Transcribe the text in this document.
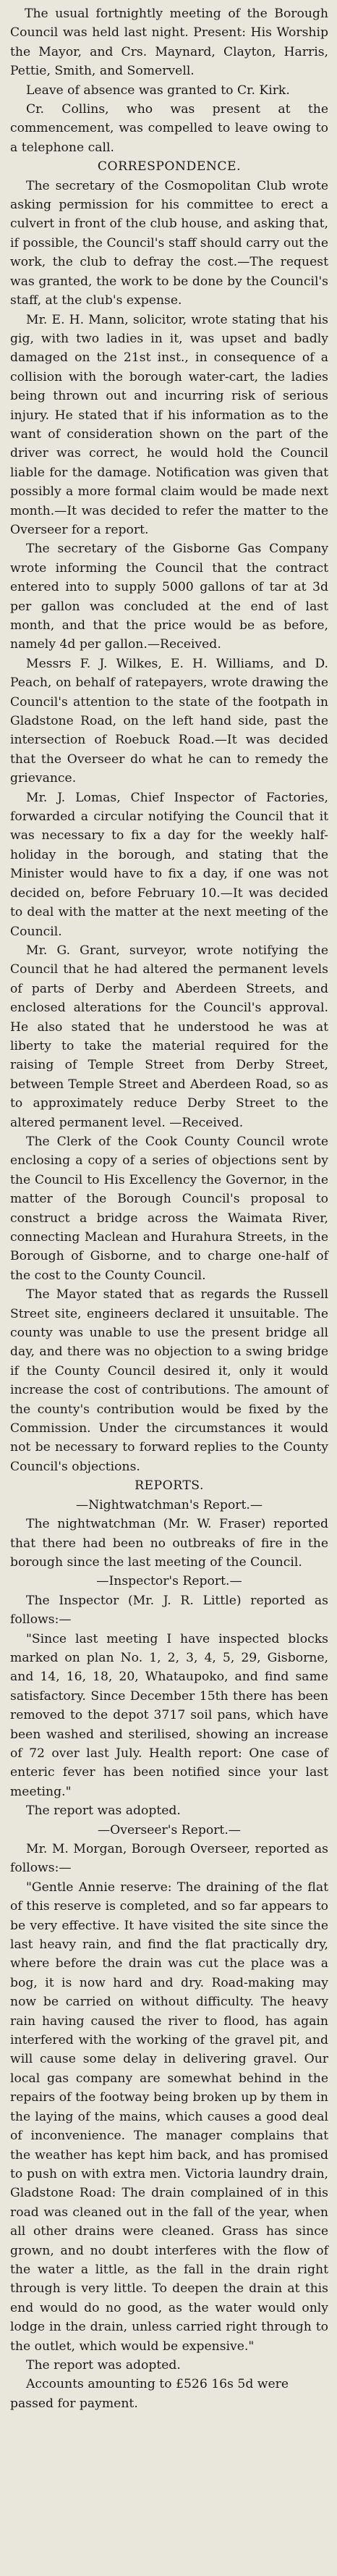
The usual fortnightly meeting of the Borough Council was held last night. Present: His Worship the Mayor, and Crs. Maynard, Clayton, Harris, Pettie, Smith, and Somervell.

Leave of absence was granted to Cr. Kirk.

Cr. Collins, who was present at the commencement, was compelled to leave owing to a telephone call.

CORRESPONDENCE.

The secretary of the Cosmopolitan Club wrote asking permission for his committee to erect a culvert in front of the club house, and asking that, if possible, the Council's staff should carry out the work, the club to defray the cost.—The request was granted, the work to be done by the Council's staff, at the club's expense.

Mr. E. H. Mann, solicitor, wrote stating that his gig, with two ladies in it, was upset and badly damaged on the 21st inst., in consequence of a collision with the borough water-cart, the ladies being thrown out and incurring risk of serious injury. He stated that if his information as to the want of consideration shown on the part of the driver was correct, he would hold the Council liable for the damage. Notification was given that possibly a more formal claim would be made next month.—It was decided to refer the matter to the Overseer for a report.

The secretary of the Gisborne Gas Company wrote informing the Council that the contract entered into to supply 5000 gallons of tar at 3d per gallon was concluded at the end of last month, and that the price would be as before, namely 4d per gallon.—Received.

Messrs F. J. Wilkes, E. H. Williams, and D. Peach, on behalf of ratepayers, wrote drawing the Council's attention to the state of the footpath in Gladstone Road, on the left hand side, past the intersection of Roebuck Road.—It was decided that the Overseer do what he can to remedy the grievance.

Mr. J. Lomas, Chief Inspector of Factories, forwarded a circular notifying the Council that it was necessary to fix a day for the weekly half-holiday in the borough, and stating that the Minister would have to fix a day, if one was not decided on, before February 10.—It was decided to deal with the matter at the next meeting of the Council.

Mr. G. Grant, surveyor, wrote notifying the Council that he had altered the permanent levels of parts of Derby and Aberdeen Streets, and enclosed alterations for the Council's approval. He also stated that he understood he was at liberty to take the material required for the raising of Temple Street from Derby Street, between Temple Street and Aberdeen Road, so as to approximately reduce Derby Street to the altered permanent level. —Received.

The Clerk of the Cook County Council wrote enclosing a copy of a series of objections sent by the Council to His Excellency the Governor, in the matter of the Borough Council's proposal to construct a bridge across the Waimata River, connecting Maclean and Hurahura Streets, in the Borough of Gisborne, and to charge one-half of the cost to the County Council.

The Mayor stated that as regards the Russell Street site, engineers declared it unsuitable. The county was unable to use the present bridge all day, and there was no objection to a swing bridge if the County Council desired it, only it would increase the cost of contributions. The amount of the county's contribution would be fixed by the Commission. Under the circumstances it would not be necessary to forward replies to the County Council's objections.

REPORTS.

—Nightwatchman's Report.—

The nightwatchman (Mr. W. Fraser) reported that there had been no outbreaks of fire in the borough since the last meeting of the Council.

—Inspector's Report.—

The Inspector (Mr. J. R. Little) reported as follows:—

"Since last meeting I have inspected blocks marked on plan No. 1, 2, 3, 4, 5, 29, Gisborne, and 14, 16, 18, 20, Whataupoko, and find same satisfactory. Since December 15th there has been removed to the depot 3717 soil pans, which have been washed and sterilised, showing an increase of 72 over last July. Health report: One case of enteric fever has been notified since your last meeting."

The report was adopted.

—Overseer's Report.—

Mr. M. Morgan, Borough Overseer, reported as follows:—

"Gentle Annie reserve: The draining of the flat of this reserve is completed, and so far appears to be very effective. It have visited the site since the last heavy rain, and find the flat practically dry, where before the drain was cut the place was a bog, it is now hard and dry. Road-making may now be carried on without difficulty. The heavy rain having caused the river to flood, has again interfered with the working of the gravel pit, and will cause some delay in delivering gravel. Our local gas company are somewhat behind in the repairs of the footway being broken up by them in the laying of the mains, which causes a good deal of inconvenience. The manager complains that the weather has kept him back, and has promised to push on with extra men. Victoria laundry drain, Gladstone Road: The drain complained of in this road was cleaned out in the fall of the year, when all other drains were cleaned. Grass has since grown, and no doubt interferes with the flow of the water a little, as the fall in the drain right through is very little. To deepen the drain at this end would do no good, as the water would only lodge in the drain, unless carried right through to the outlet, which would be expensive."

The report was adopted.

Accounts amounting to £526 16s 5d were passed for payment.
